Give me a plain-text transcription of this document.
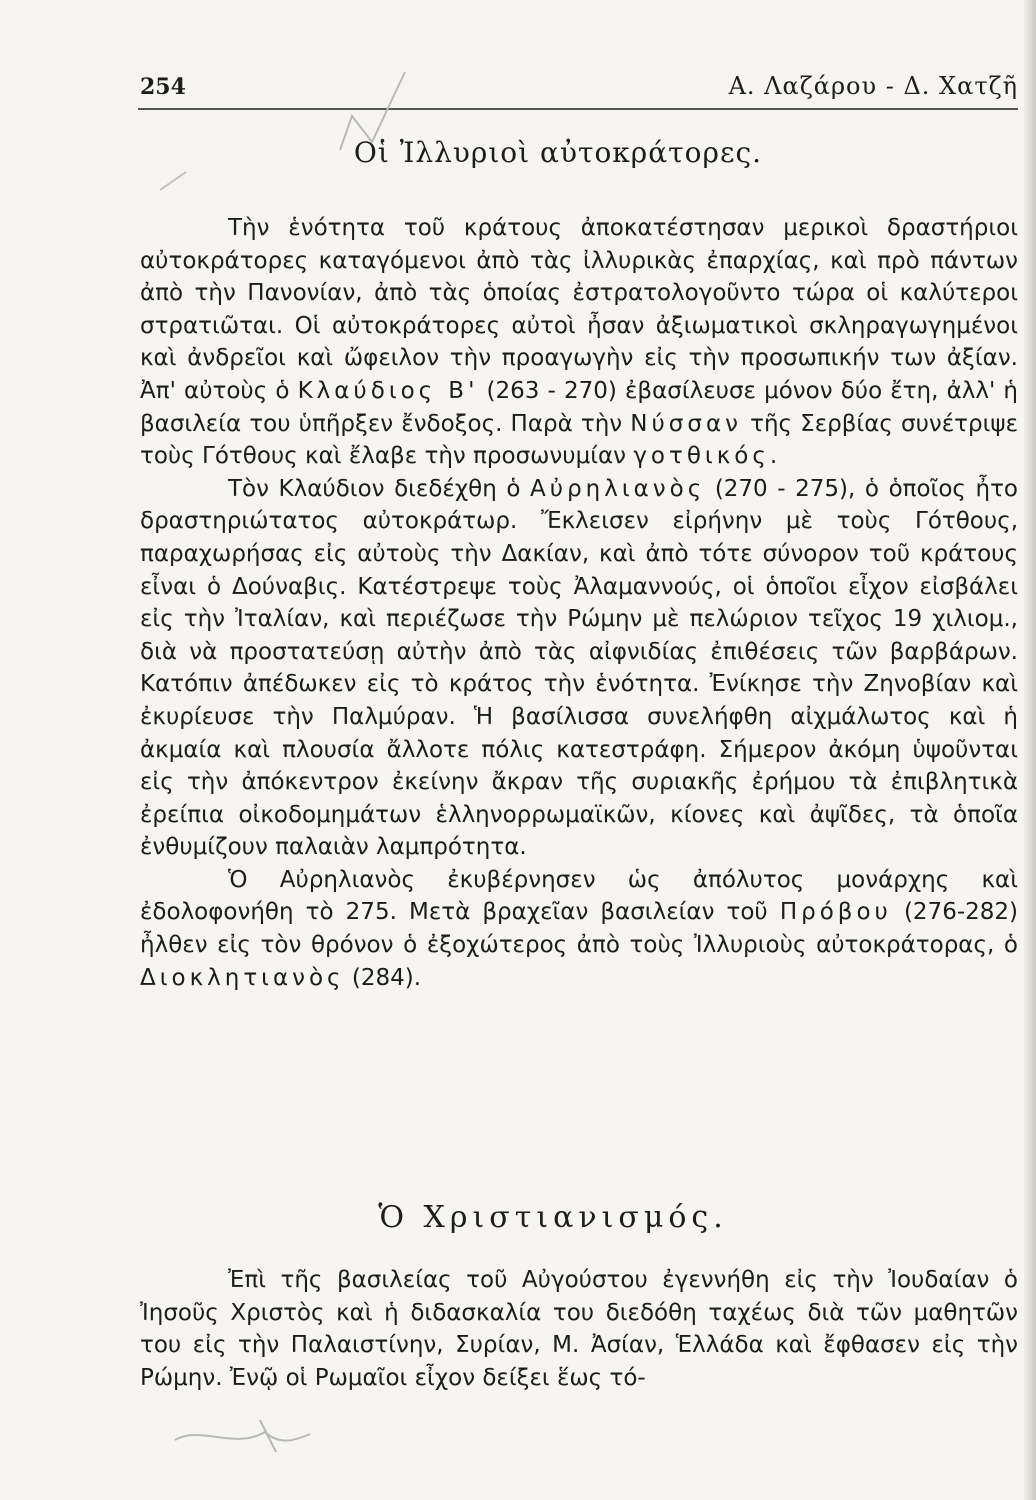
254	Α. Λαζάρου - Δ. Χατζῆ
Οἱ Ἰλλυριοὶ αὐτοκράτορες.

Τὴν ἑνότητα τοῦ κράτους ἀποκατέστησαν μερικοὶ δραστήριοι αὐτοκράτορες καταγόμενοι ἀπὸ τὰς ἰλλυρικὰς ἐπαρχίας, καὶ πρὸ πάντων ἀπὸ τὴν Πανονίαν, ἀπὸ τὰς ὁποίας ἐστρατολογοῦντο τώρα οἱ καλύτεροι στρατιῶται. Οἱ αὐτοκράτορες αὐτοὶ ἦσαν ἀξιωματικοὶ σκληραγωγημένοι καὶ ἀνδρεῖοι καὶ ὤφειλον τὴν προαγωγὴν εἰς τὴν προσωπικήν των ἀξίαν. Ἀπ' αὐτοὺς ὁ Κλαύδιος Β' (263 - 270) ἐβασίλευσε μόνον δύο ἔτη, ἀλλ' ἡ βασιλεία του ὑπῆρξεν ἔνδοξος. Παρὰ τὴν Νύσσαν τῆς Σερβίας συνέτριψε τοὺς Γότθους καὶ ἔλαβε τὴν προσωνυμίαν γοτθικός.

Τὸν Κλαύδιον διεδέχθη ὁ Αὐρηλιανὸς (270 - 275), ὁ ὁποῖος ἦτο δραστηριώτατος αὐτοκράτωρ. Ἔκλεισεν εἰρήνην μὲ τοὺς Γότθους, παραχωρήσας εἰς αὐτοὺς τὴν Δακίαν, καὶ ἀπὸ τότε σύνορον τοῦ κράτους εἶναι ὁ Δούναβις. Κατέστρεψε τοὺς Ἀλαμαννούς, οἱ ὁποῖοι εἶχον εἰσβάλει εἰς τὴν Ἰταλίαν, καὶ περιέζωσε τὴν Ρώμην μὲ πελώριον τεῖχος 19 χιλιομ., διὰ νὰ προστατεύσῃ αὐτὴν ἀπὸ τὰς αἰφνιδίας ἐπιθέσεις τῶν βαρβάρων. Κατόπιν ἀπέδωκεν εἰς τὸ κράτος τὴν ἑνότητα. Ἐνίκησε τὴν Ζηνοβίαν καὶ ἐκυρίευσε τὴν Παλμύραν. Ἡ βασίλισσα συνελήφθη αἰχμάλωτος καὶ ἡ ἀκμαία καὶ πλουσία ἄλλοτε πόλις κατεστράφη. Σήμερον ἀκόμη ὑψοῦνται εἰς τὴν ἀπόκεντρον ἐκείνην ἄκραν τῆς συριακῆς ἐρήμου τὰ ἐπιβλητικὰ ἐρείπια οἰκοδομημάτων ἑλληνορρωμαϊκῶν, κίονες καὶ ἀψῖδες, τὰ ὁποῖα ἐνθυμίζουν παλαιὰν λαμπρότητα.

Ὁ Αὐρηλιανὸς ἐκυβέρνησεν ὡς ἀπόλυτος μονάρχης καὶ ἐδολοφονήθη τὸ 275. Μετὰ βραχεῖαν βασιλείαν τοῦ Πρόβου (276-282) ἦλθεν εἰς τὸν θρόνον ὁ ἐξοχώτερος ἀπὸ τοὺς Ἰλλυριοὺς αὐτοκράτορας, ὁ Διοκλητιανὸς (284).

Ὁ Χριστιανισμός.

Ἐπὶ τῆς βασιλείας τοῦ Αὐγούστου ἐγεννήθη εἰς τὴν Ἰουδαίαν ὁ Ἰησοῦς Χριστὸς καὶ ἡ διδασκαλία του διεδόθη ταχέως διὰ τῶν μαθητῶν του εἰς τὴν Παλαιστίνην, Συρίαν, Μ. Ἀσίαν, Ἑλλάδα καὶ ἔφθασεν εἰς τὴν Ρώμην. Ἐνῷ οἱ Ρωμαῖοι εἶχον δείξει ἕως τό-
